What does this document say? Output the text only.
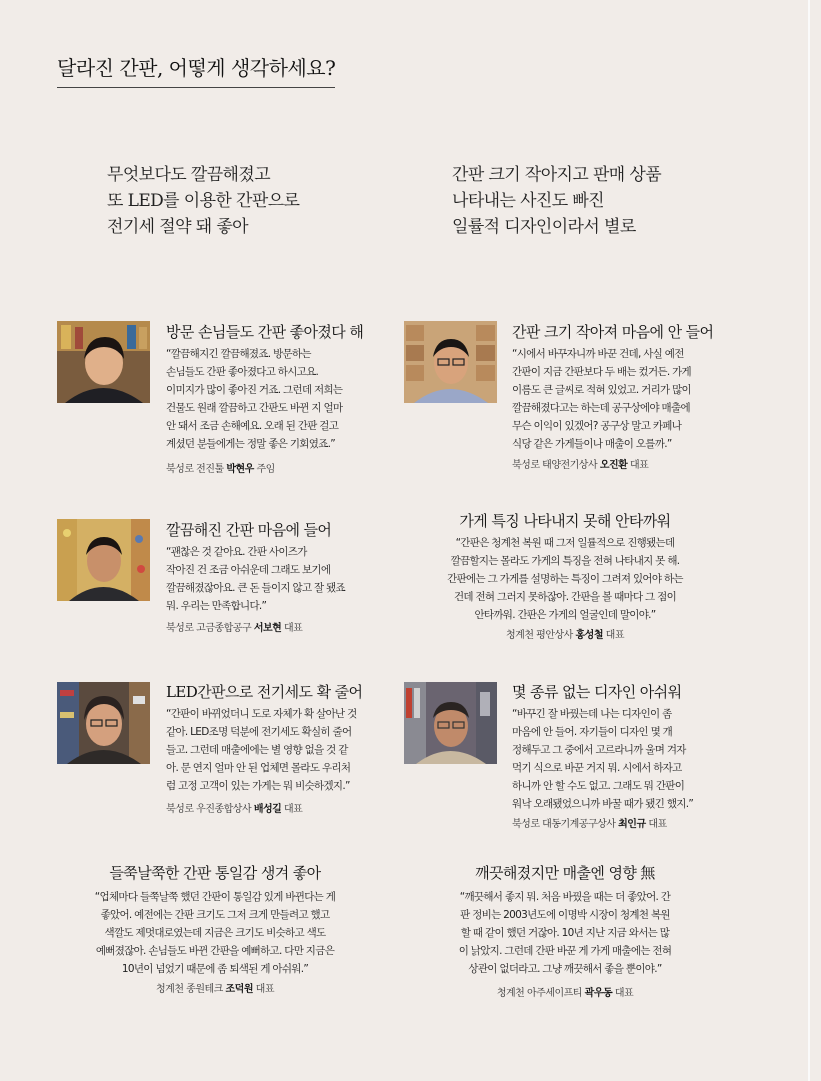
달라진 간판, 어떻게 생각하세요?
무엇보다도 깔끔해졌고
또 LED를 이용한 간판으로
전기세 절약 돼 좋아
간판 크기 작아지고 판매 상품
나타내는 사진도 빠진
일률적 디자인이라서 별로
방문 손님들도 간판 좋아졌다 해
“깔끔해지긴 깔끔해졌죠. 방문하는
손님들도 간판 좋아졌다고 하시고요.
이미지가 많이 좋아진 거죠. 그런데 저희는
건물도 원래 깔끔하고 간판도 바뀐 지 얼마
안 돼서 조금 손해예요. 오래 된 간판 걸고
계셨던 분들에게는 정말 좋은 기회였죠.”
북성로 전진툴 박현우 주임
간판 크기 작아져 마음에 안 들어
“시에서 바꾸자니까 바꾼 건데, 사실 예전
간판이 지금 간판보다 두 배는 컸거든. 가게
이름도 큰 글씨로 적혀 있었고. 거리가 많이
깔끔해졌다고는 하는데 공구상에야 매출에
무슨 이익이 있겠어? 공구상 말고 카페나
식당 같은 가게들이나 매출이 오를까.”
북성로 태양전기상사 오진환 대표
깔끔해진 간판 마음에 들어
“괜찮은 것 같아요. 간판 사이즈가
작아진 건 조금 아쉬운데 그래도 보기에
깔끔해졌잖아요. 큰 돈 들이지 않고 잘 됐죠
뭐. 우리는 만족합니다.”
북성로 고금종합공구 서보현 대표
가게 특징 나타내지 못해 안타까워
“간판은 청계천 복원 때 그저 일률적으로 진행됐는데
깔끔할지는 몰라도 가게의 특징을 전혀 나타내지 못 해.
간판에는 그 가게를 설명하는 특징이 그려져 있어야 하는
건데 전혀 그러지 못하잖아. 간판을 볼 때마다 그 점이
안타까워. 간판은 가게의 얼굴인데 말이야.”
청계천 평안상사 홍성철 대표
LED간판으로 전기세도 확 줄어
“간판이 바뀌었더니 도로 자체가 확 살아난 것
같아. LED조명 덕분에 전기세도 확실히 줄어
들고. 그런데 매출에에는 별 영향 없을 것 같
아. 문 연지 얼마 안 된 업체면 몰라도 우리처
럼 고정 고객이 있는 가게는 뭐 비슷하겠지.”
북성로 우진종합상사 배성길 대표
몇 종류 없는 디자인 아쉬워
“바꾸긴 잘 바꿨는데 나는 디자인이 좀
마음에 안 들어. 자기들이 디자인 몇 개
정해두고 그 중에서 고르라니까 울며 겨자
먹기 식으로 바꾼 거지 뭐. 시에서 하자고
하니까 안 할 수도 없고. 그래도 뭐 간판이
워낙 오래됐었으니까 바꿀 때가 됐긴 했지.”
북성로 대동기계공구상사 최인규 대표
들쭉날쭉한 간판 통일감 생겨 좋아
“업체마다 들쭉날쭉 했던 간판이 통일감 있게 바뀐다는 게
좋았어. 예전에는 간판 크기도 그저 크게 만들려고 했고
색깔도 제멋대로였는데 지금은 크기도 비슷하고 색도
예뻐졌잖아. 손님들도 바뀐 간판을 예뻐하고. 다만 지금은
10년이 넘었기 때문에 좀 퇴색된 게 아쉬워.”
청계천 종원테크 조덕원 대표
깨끗해졌지만 매출엔 영향 無
“깨끗해서 좋지 뭐. 처음 바꿨을 때는 더 좋았어. 간
판 정비는 2003년도에 이명박 시장이 청계천 복원
할 때 같이 했던 거잖아. 10년 지난 지금 와서는 많
이 낡았지. 그런데 간판 바꾼 게 가게 매출에는 전혀
상관이 없더라고. 그냥 깨끗해서 좋을 뿐이야.”
청계천 아주세이프티 곽우동 대표
